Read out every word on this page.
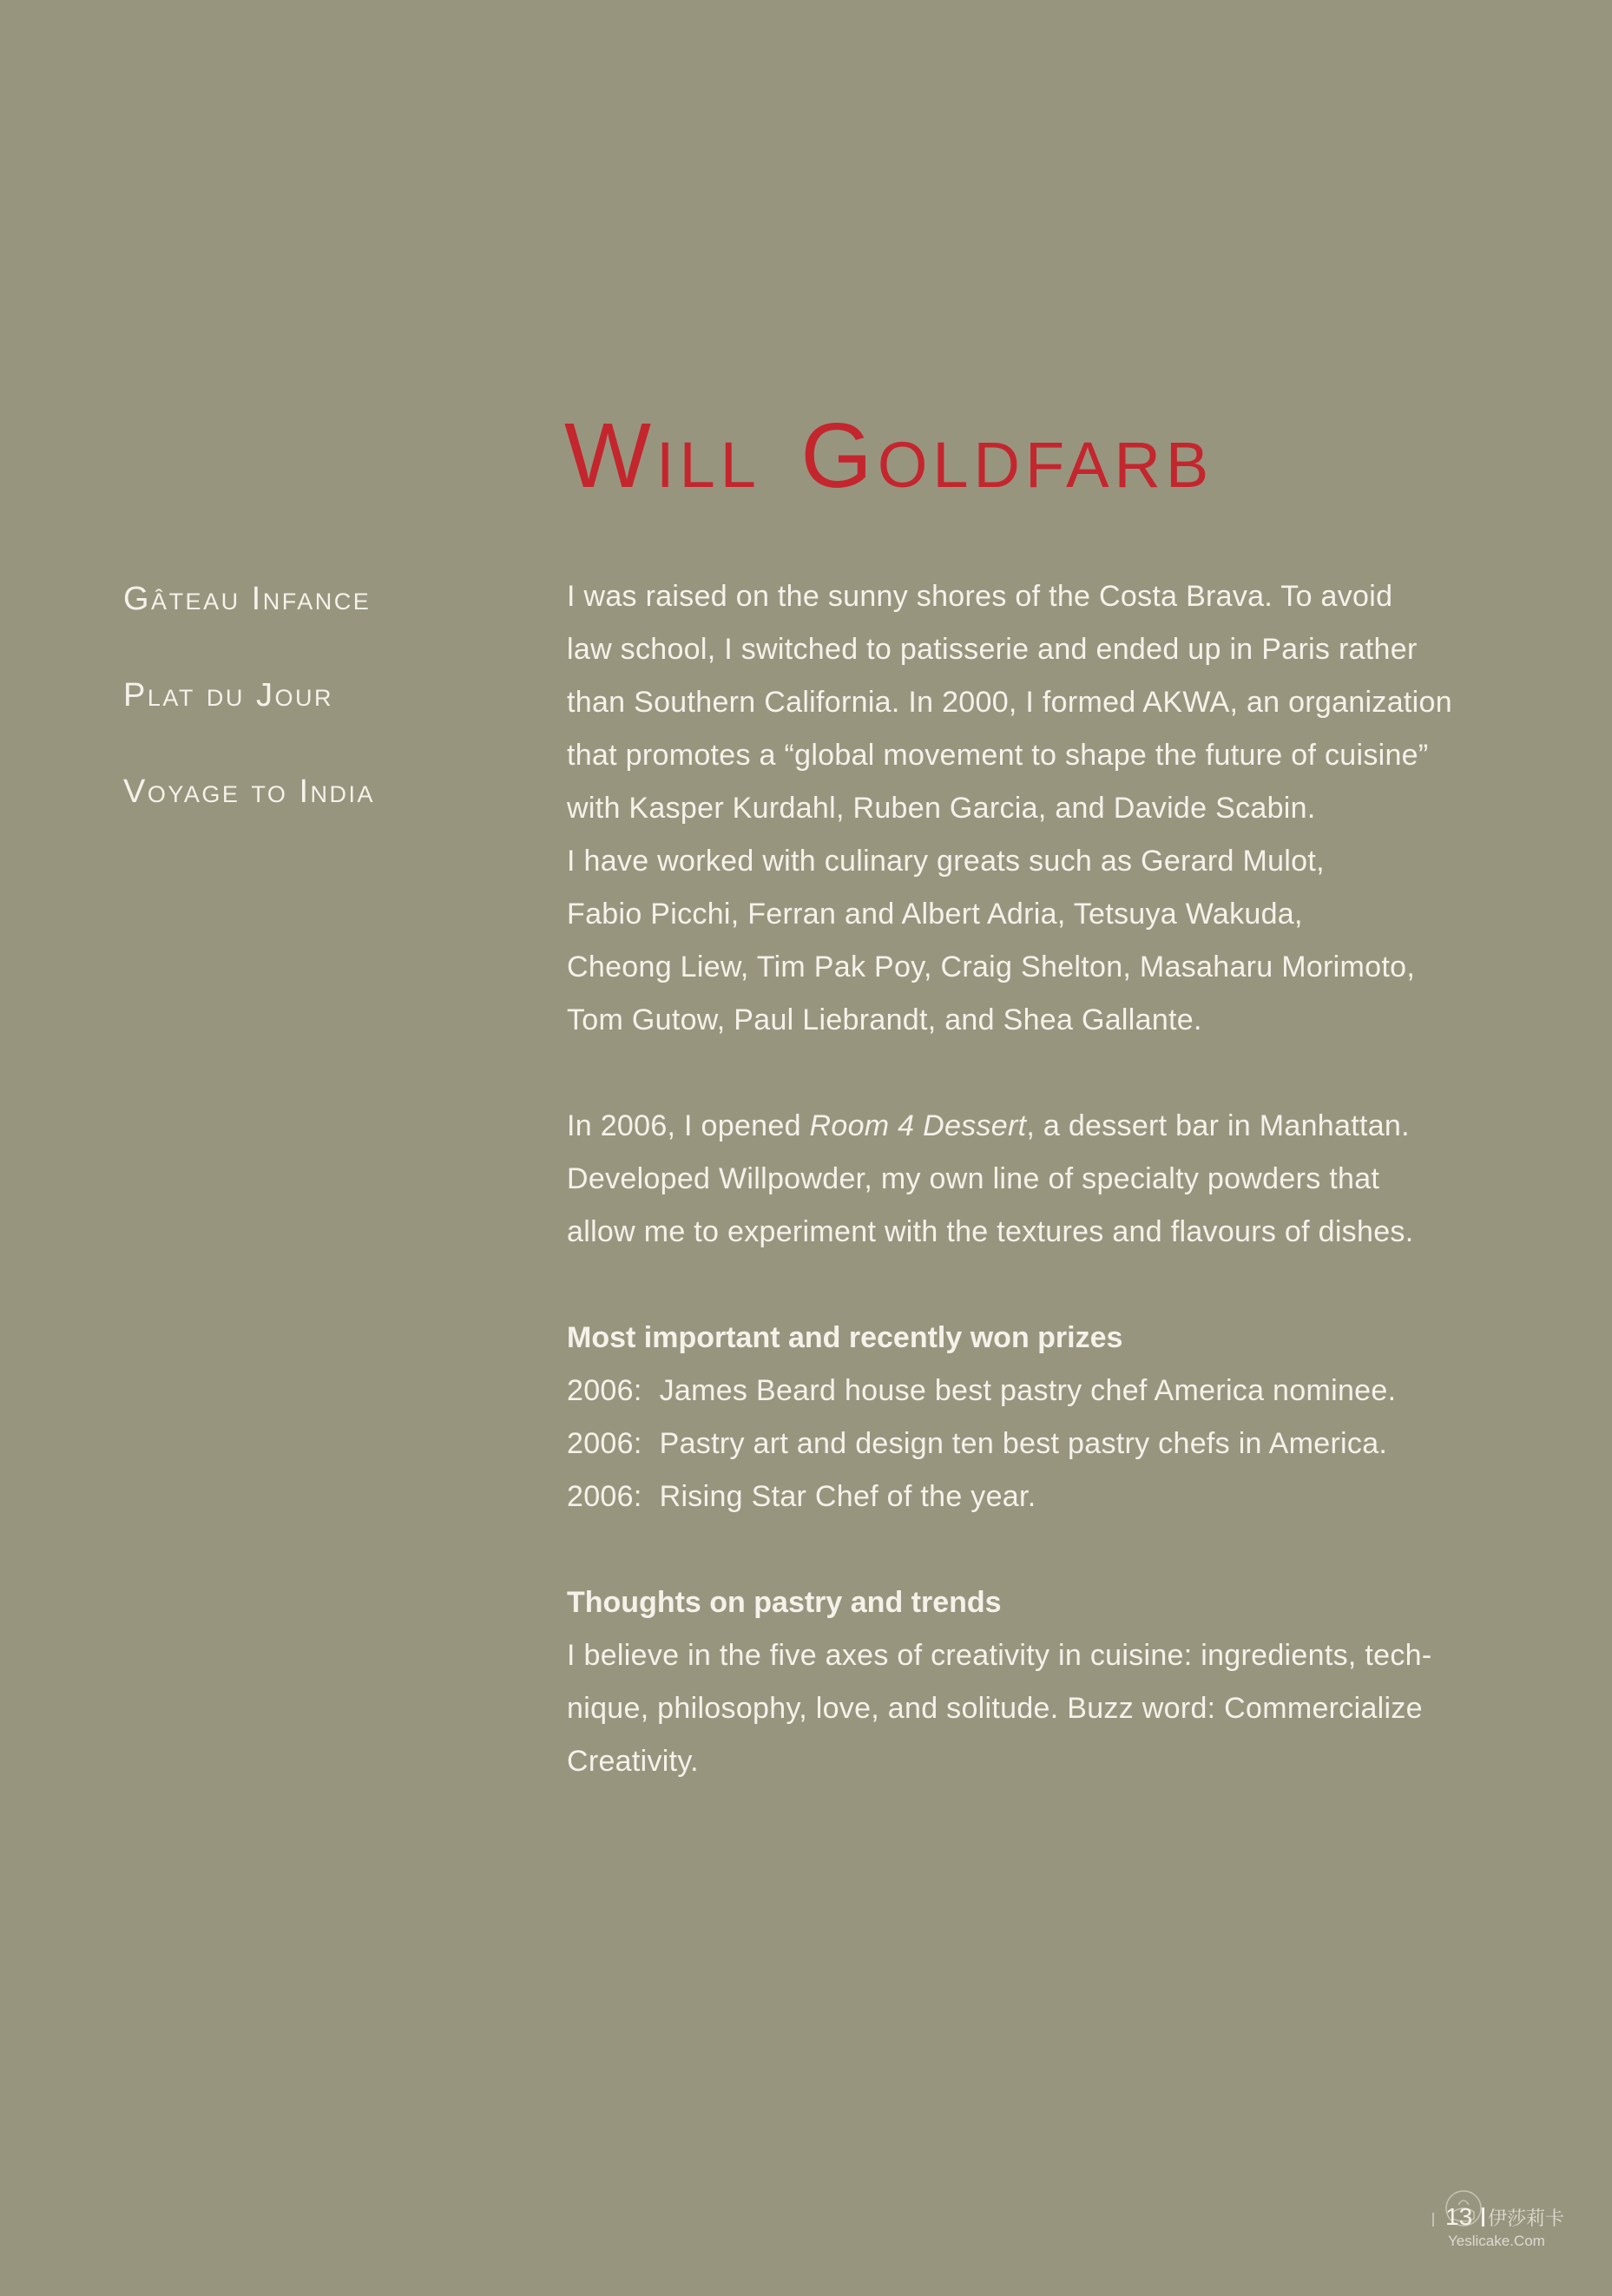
Will Goldfarb
Gâteau Infance
Plat du Jour
Voyage to India
I was raised on the sunny shores of the Costa Brava. To avoid
law school, I switched to patisserie and ended up in Paris rather
than Southern California. In 2000, I formed AKWA, an organization
that promotes a “global movement to shape the future of cuisine”
with Kasper Kurdahl, Ruben Garcia, and Davide Scabin.
I have worked with culinary greats such as Gerard Mulot,
Fabio Picchi, Ferran and Albert Adria, Tetsuya Wakuda,
Cheong Liew, Tim Pak Poy, Craig Shelton, Masaharu Morimoto,
Tom Gutow, Paul Liebrandt, and Shea Gallante.
In 2006, I opened Room 4 Dessert, a dessert bar in Manhattan.
Developed Willpowder, my own line of specialty powders that
allow me to experiment with the textures and flavours of dishes.
Most important and recently won prizes
2006: James Beard house best pastry chef America nominee.
2006: Pastry art and design ten best pastry chefs in America.
2006: Rising Star Chef of the year.
Thoughts on pastry and trends
I believe in the five axes of creativity in cuisine: ingredients, tech-
nique, philosophy, love, and solitude. Buzz word: Commercialize
Creativity.
13 伊莎莉卡
Yeslicake.Com
